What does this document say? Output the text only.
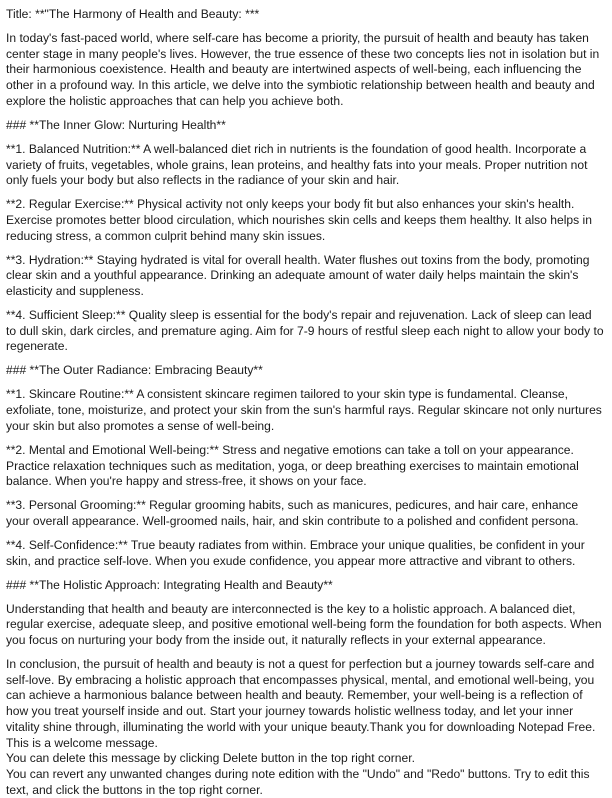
Title: **"The Harmony of Health and Beauty: ***
In today's fast-paced world, where self-care has become a priority, the pursuit of health and beauty has taken center stage in many people's lives. However, the true essence of these two concepts lies not in isolation but in their harmonious coexistence. Health and beauty are intertwined aspects of well-being, each influencing the other in a profound way. In this article, we delve into the symbiotic relationship between health and beauty and explore the holistic approaches that can help you achieve both.
### **The Inner Glow: Nurturing Health**
**1. Balanced Nutrition:** A well-balanced diet rich in nutrients is the foundation of good health. Incorporate a variety of fruits, vegetables, whole grains, lean proteins, and healthy fats into your meals. Proper nutrition not only fuels your body but also reflects in the radiance of your skin and hair.
**2. Regular Exercise:** Physical activity not only keeps your body fit but also enhances your skin's health. Exercise promotes better blood circulation, which nourishes skin cells and keeps them healthy. It also helps in reducing stress, a common culprit behind many skin issues.
**3. Hydration:** Staying hydrated is vital for overall health. Water flushes out toxins from the body, promoting clear skin and a youthful appearance. Drinking an adequate amount of water daily helps maintain the skin's elasticity and suppleness.
**4. Sufficient Sleep:** Quality sleep is essential for the body's repair and rejuvenation. Lack of sleep can lead to dull skin, dark circles, and premature aging. Aim for 7-9 hours of restful sleep each night to allow your body to regenerate.
### **The Outer Radiance: Embracing Beauty**
**1. Skincare Routine:** A consistent skincare regimen tailored to your skin type is fundamental. Cleanse, exfoliate, tone, moisturize, and protect your skin from the sun's harmful rays. Regular skincare not only nurtures your skin but also promotes a sense of well-being.
**2. Mental and Emotional Well-being:** Stress and negative emotions can take a toll on your appearance. Practice relaxation techniques such as meditation, yoga, or deep breathing exercises to maintain emotional balance. When you're happy and stress-free, it shows on your face.
**3. Personal Grooming:** Regular grooming habits, such as manicures, pedicures, and hair care, enhance your overall appearance. Well-groomed nails, hair, and skin contribute to a polished and confident persona.
**4. Self-Confidence:** True beauty radiates from within. Embrace your unique qualities, be confident in your skin, and practice self-love. When you exude confidence, you appear more attractive and vibrant to others.
### **The Holistic Approach: Integrating Health and Beauty**
Understanding that health and beauty are interconnected is the key to a holistic approach. A balanced diet, regular exercise, adequate sleep, and positive emotional well-being form the foundation for both aspects. When you focus on nurturing your body from the inside out, it naturally reflects in your external appearance.
In conclusion, the pursuit of health and beauty is not a quest for perfection but a journey towards self-care and self-love. By embracing a holistic approach that encompasses physical, mental, and emotional well-being, you can achieve a harmonious balance between health and beauty. Remember, your well-being is a reflection of how you treat yourself inside and out. Start your journey towards holistic wellness today, and let your inner vitality shine through, illuminating the world with your unique beauty.Thank you for downloading Notepad Free. This is a welcome message.
You can delete this message by clicking Delete button in the top right corner.
You can revert any unwanted changes during note edition with the "Undo" and "Redo" buttons. Try to edit this text, and click the buttons in the top right corner.
